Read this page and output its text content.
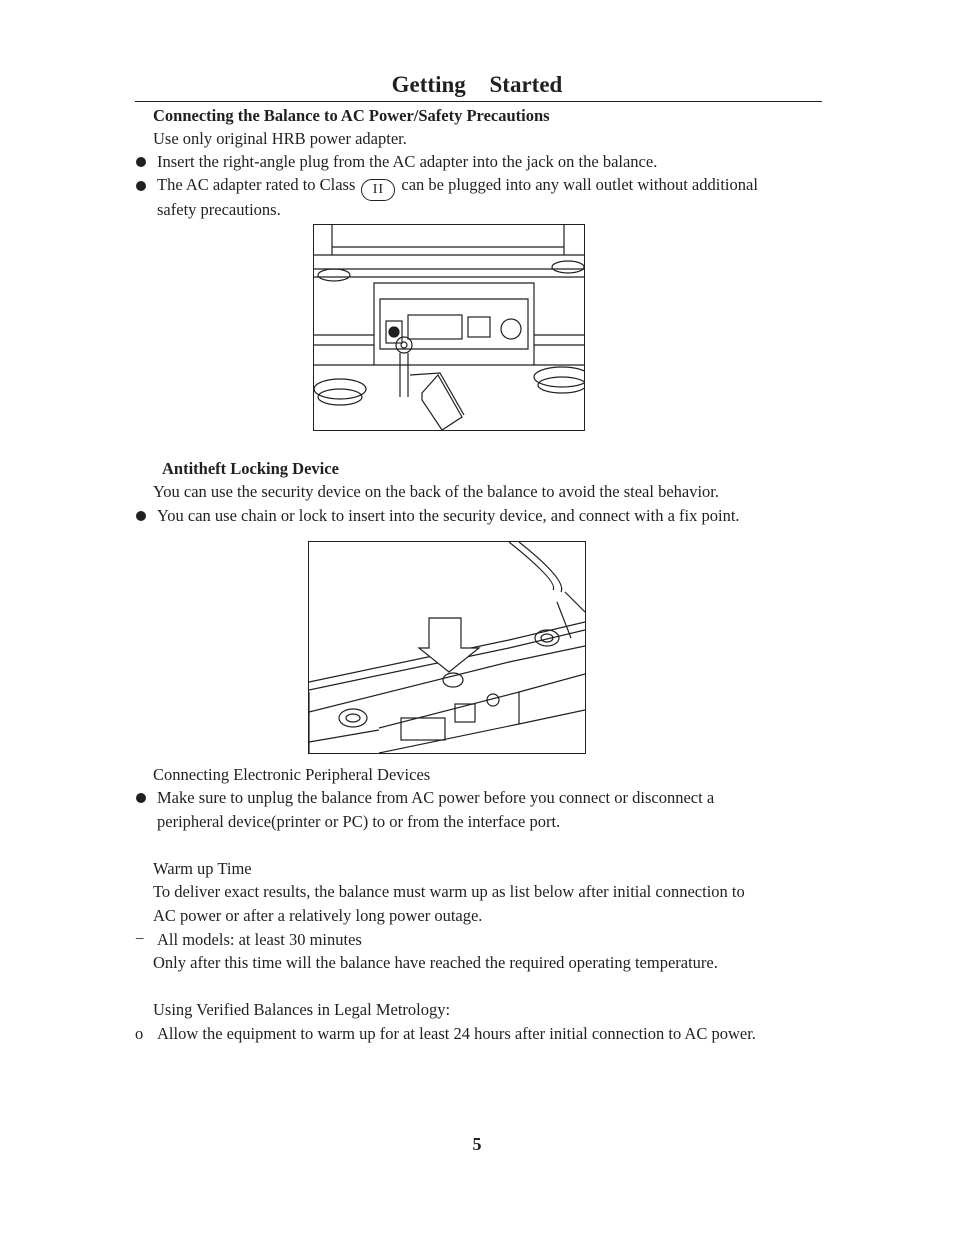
Getting Started
Connecting the Balance to AC Power/Safety Precautions
Use only original HRB power adapter.
Insert the right-angle plug from the AC adapter into the jack on the balance.
The AC adapter rated to Class II can be plugged into any wall outlet without additional
safety precautions.
Antitheft Locking Device
You can use the security device on the back of the balance to avoid the steal behavior.
You can use chain or lock to insert into the security device, and connect with a fix point.
Connecting Electronic Peripheral Devices
Make sure to unplug the balance from AC power before you connect or disconnect a
peripheral device(printer or PC) to or from the interface port.
Warm up Time
To deliver exact results, the balance must warm up as list below after initial connection to
AC power or after a relatively long power outage.
− All models: at least 30 minutes
Only after this time will the balance have reached the required operating temperature.
Using Verified Balances in Legal Metrology:
o Allow the equipment to warm up for at least 24 hours after initial connection to AC power.
5
